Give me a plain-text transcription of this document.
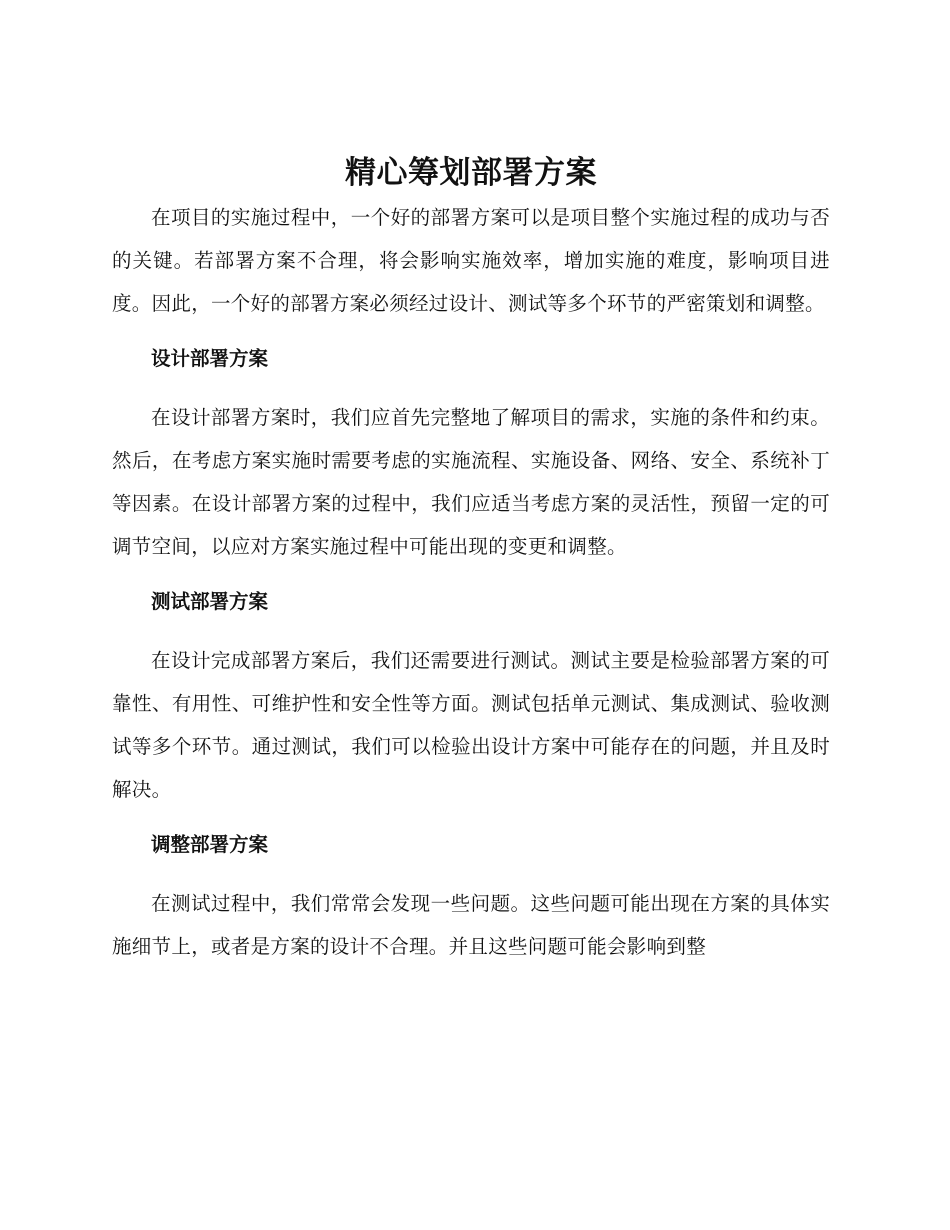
精心筹划部署方案

在项目的实施过程中，一个好的部署方案可以是项目整个实施过程的成功与否的关键。若部署方案不合理，将会影响实施效率，增加实施的难度，影响项目进度。因此，一个好的部署方案必须经过设计、测试等多个环节的严密策划和调整。

设计部署方案

在设计部署方案时，我们应首先完整地了解项目的需求，实施的条件和约束。然后，在考虑方案实施时需要考虑的实施流程、实施设备、网络、安全、系统补丁等因素。在设计部署方案的过程中，我们应适当考虑方案的灵活性，预留一定的可调节空间，以应对方案实施过程中可能出现的变更和调整。

测试部署方案

在设计完成部署方案后，我们还需要进行测试。测试主要是检验部署方案的可靠性、有用性、可维护性和安全性等方面。测试包括单元测试、集成测试、验收测试等多个环节。通过测试，我们可以检验出设计方案中可能存在的问题，并且及时解决。

调整部署方案

在测试过程中，我们常常会发现一些问题。这些问题可能出现在方案的具体实施细节上，或者是方案的设计不合理。并且这些问题可能会影响到整
